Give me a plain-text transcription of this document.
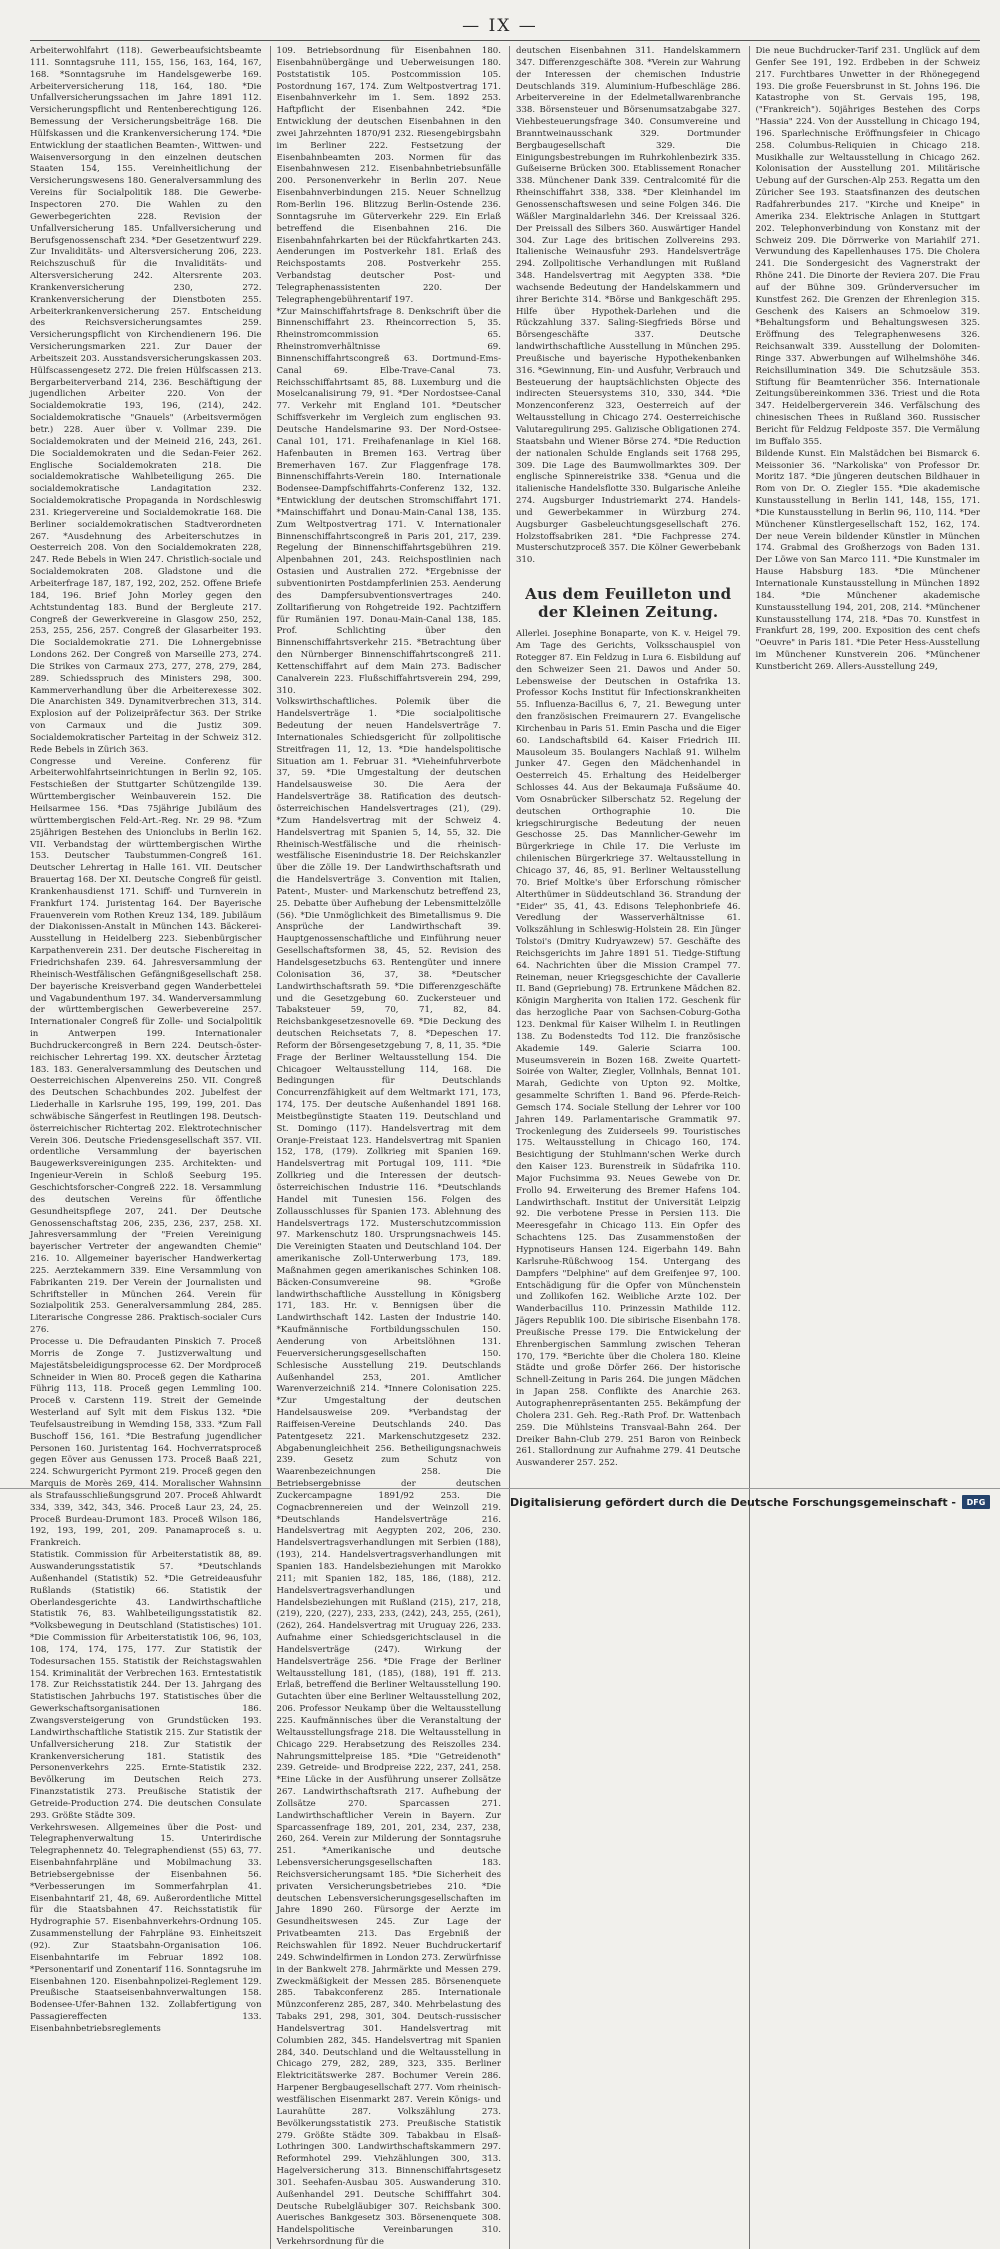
— IX —

Arbeiterwohlfahrt (118). Gewerbeaufsichtsbeamte 111. Sonntagsruhe 111, 155, 156, 163, 164, 167, 168. *Sonntagsruhe im Handelsgewerbe 169. Arbeiterversicherung 118, 164, 180. *Die Unfallversicherungssachen im Jahre 1891 112. Versicherungspflicht und Rentenberechtigung 126. Bemessung der Versicherungsbeiträge 168. Die Hülfskassen und die Krankenversicherung 174. *Die Entwicklung der staatlichen Beamten-, Wittwen- und Waisenversorgung in den einzelnen deutschen Staaten 154, 155. Vereinheitlichung der Versicherungswesens 180. Generalversammlung des Vereins für Socialpolitik 188. Die Gewerbe-Inspectoren 270. Die Wahlen zu den Gewerbegerichten 228. Revision der Unfallversicherung 185. Unfallversicherung und Berufsgenossenschaft 234. *Der Gesetzentwurf 229. Zur Invaliditäts- und Altersversicherung 206, 223. Reichszuschuß für die Invaliditäts- und Altersversicherung 242. Altersrente 203. Krankenversicherung 230, 272. Krankenversicherung der Dienstboten 255. Arbeiterkrankenversicherung 257. Entscheidung des Reichsversicherungsamtes 259. Versicherungspflicht von Kirchendienern 196. Die Versicherungsmarken 221. Zur Dauer der Arbeitszeit 203. Ausstandsversicherungskassen 203. Hülfscassengesetz 272. Die freien Hülfscassen 213. Bergarbeiterverband 214, 236. Beschäftigung der jugendlichen Arbeiter 220. Von der Socialdemokratie 193, 196, (214), 242. Socialdemokratische "Gnauels" (Arbeitsvermögen betr.) 228. Auer über v. Vollmar 239. Die Socialdemokraten und der Meineid 216, 243, 261. Die Socialdemokraten und die Sedan-Feier 262. Englische Socialdemokraten 218. Die socialdemokratische Wahlbeteiligung 265. Die socialdemokratische Landagitation 232. Socialdemokratische Propaganda in Nordschleswig 231. Kriegervereine und Socialdemokratie 168. Die Berliner socialdemokratischen Stadtverordneten 267. *Ausdehnung des Arbeiterschutzes in Oesterreich 208. Von den Socialdemokraten 228, 247. Rede Bebels in Wien 247. Christlich-sociale und Socialdemokraten 208. Gladstone und die Arbeiterfrage 187, 187, 192, 202, 252. Offene Briefe 184, 196. Brief John Morley gegen den Achtstundentag 183. Bund der Bergleute 217. Congreß der Gewerkvereine in Glasgow 250, 252, 253, 255, 256, 257. Congreß der Glasarbeiter 193. Die Socialdemokratie 271. Die Lohnergebnisse Londons 262. Der Congreß von Marseille 273, 274. Die Strikes von Carmaux 273, 277, 278, 279, 284, 289. Schiedsspruch des Ministers 298, 300. Kammerverhandlung über die Arbeiterexesse 302. Die Anarchisten 349. Dynamitverbrechen 313, 314. Explosion auf der Polizeipräfectur 363. Der Strike von Carmaux und die Justiz 309. Socialdemokratischer Parteitag in der Schweiz 312. Rede Bebels in Zürich 363.

Congresse und Vereine. Conferenz für Arbeiterwohlfahrtseinrichtungen in Berlin 92, 105. Festschießen der Stuttgarter Schützengilde 139. Württembergischer Weinbauverein 152. Die Heilsarmee 156. *Das 75jährige Jubiläum des württembergischen Feld-Art.-Reg. Nr. 29 98. *Zum 25jährigen Bestehen des Unionclubs in Berlin 162. VII. Verbandstag der württembergischen Wirthe 153. Deutscher Taubstummen-Congreß 161. Deutscher Lehrertag in Halle 161. VII. Deutscher Brauertag 168. Der XI. Deutsche Congreß für geistl. Krankenhausdienst 171. Schiff- und Turnverein in Frankfurt 174. Juristentag 164. Der Bayerische Frauenverein vom Rothen Kreuz 134, 189. Jubiläum der Diakonissen-Anstalt in München 143. Bäckerei-Ausstellung in Heidelberg 223. Siebenbürgischer Karpathenverein 231. Der deutsche Fischereitag in Friedrichshafen 239. 64. Jahresversammlung der Rheinisch-Westfälischen Gefängnißgesellschaft 258. Der bayerische Kreisverband gegen Wanderbettelei und Vagabundenthum 197. 34. Wanderversammlung der württembergischen Gewerbevereine 257. Internationaler Congreß für Zolle- und Socialpolitik in Antwerpen 199. Internationaler Buchdruckercongreß in Bern 224. Deutsch-öster- reichischer Lehrertag 199. XX. deutscher Ärztetag 183. 183. Generalversammlung des Deutschen und Oesterreichischen Alpenvereins 250. VII. Congreß des Deutschen Schachbundes 202. Jubelfest der Liederhalle in Karlsruhe 195, 199, 199, 201. Das schwäbische Sängerfest in Reutlingen 198. Deutsch-österreichischer Richtertag 202. Elektrotechnischer Verein 306. Deutsche Friedensgesellschaft 357. VII. ordentliche Versammlung der bayerischen Baugewerksvereinigungen 235. Architekten- und Ingenieur-Verein in Schloß Seeburg 195. Geschichtsforscher-Congreß 222. 18. Versammlung des deutschen Vereins für öffentliche Gesundheitspflege 207, 241. Der Deutsche Genossenschaftstag 206, 235, 236, 237, 258. XI. Jahresversammlung der "Freien Vereinigung bayerischer Vertreter der angewandten Chemie" 216. 10. Allgemeiner bayerischer Handwerkertag 225. Aerztekammern 339. Eine Versammlung von Fabrikanten 219. Der Verein der Journalisten und Schriftsteller in München 264. Verein für Sozialpolitik 253. Generalversammlung 284, 285. Literarische Congresse 286. Praktisch-socialer Curs 276.

Processe u. Die Defraudanten Pinskich 7. Proceß Morris de Zonge 7. Justizverwaltung und Majestätsbeleidigungsprocesse 62. Der Mordproceß Schneider in Wien 80. Proceß gegen die Katharina Führig 113, 118. Proceß gegen Lemmling 100. Proceß v. Carstenn 119. Streit der Gemeinde Westerland auf Sylt mit dem Fiskus 132. *Die Teufelsaustreibung in Wemding 158, 333. *Zum Fall Buschoff 156, 161. *Die Bestrafung jugendlicher Personen 160. Juristentag 164. Hochverratsproceß gegen Eöver aus Genussen 173. Proceß Baaß 221, 224. Schwurgericht Pyrmont 219. Proceß gegen den Marquis de Morès 269, 414. Moralischer Wahnsinn als Strafausschließungsgrund 207. Proceß Ahlwardt 334, 339, 342, 343, 346. Proceß Laur 23, 24, 25. Proceß Burdeau-Drumont 183. Proceß Wilson 186, 192, 193, 199, 201, 209. Panamaproceß s. u. Frankreich.

Statistik. Commission für Arbeiterstatistik 88, 89. Auswanderungsstatistik 57. *Deutschlands Außenhandel (Statistik) 52. *Die Getreideausfuhr Rußlands (Statistik) 66. Statistik der Oberlandesgerichte 43. Landwirthschaftliche Statistik 76, 83. Wahlbeteiligungsstatistik 82. *Volksbewegung in Deutschland (Statistisches) 101. *Die Commission für Arbeiterstatistik 106, 96, 103, 108, 174, 174, 175, 177. Zur Statistik der Todesursachen 155. Statistik der Reichstagswahlen 154. Kriminalität der Verbrechen 163. Erntestatistik 178. Zur Reichsstatistik 244. Der 13. Jahrgang des Statistischen Jahrbuchs 197. Statistisches über die Gewerkschaftsorganisationen 186. Zwangsversteigerung von Grundstücken 193. Landwirthschaftliche Statistik 215. Zur Statistik der Unfallversicherung 218. Zur Statistik der Krankenversicherung 181. Statistik des Personenverkehrs 225. Ernte-Statistik 232. Bevölkerung im Deutschen Reich 273. Finanzstatistik 273. Preußische Statistik der Getreide-Production 274. Die deutschen Consulate 293. Größte Städte 309.

Verkehrswesen. Allgemeines über die Post- und Telegraphenverwaltung 15. Unterirdische Telegraphennetz 40. Telegraphendienst (55) 63, 77. Eisenbahnfahrpläne und Mobilmachung 33. Betriebsergebnisse der Eisenbahnen 56. *Verbesserungen im Sommerfahrplan 41. Eisenbahntarif 21, 48, 69. Außerordentliche Mittel für die Staatsbahnen 47. Reichsstatistik für Hydrographie 57. Eisenbahnverkehrs-Ordnung 105. Zusammenstellung der Fahrpläne 93. Einheitszeit (92). Zur Staatsbahn-Organisation 106. Eisenbahntarife im Februar 1892 108. *Personentarif und Zonentarif 116. Sonntagsruhe im Eisenbahnen 120. Eisenbahnpolizei-Reglement 129. Preußische Staatseisenbahnverwaltungen 158. Bodensee-Ufer-Bahnen 132. Zollabfertigung von Passagiereffecten 133. Eisenbahnbetriebsreglements

109. Betriebsordnung für Eisenbahnen 180. Eisenbahnübergänge und Ueberweisungen 180. Poststatistik 105. Postcommission 105. Postordnung 167, 174. Zum Weltpostvertrag 171. Eisenbahnverkehr im 1. Sem. 1892 253. Haftpflicht der Eisenbahnen 242. *Die Entwicklung der deutschen Eisenbahnen in den zwei Jahrzehnten 1870/91 232. Riesengebirgsbahn im Berliner 222. Festsetzung der Eisenbahnbeamten 203. Normen für das Eisenbahnwesen 212. Eisenbahnbetriebsunfälle 200. Personenverkehr in Berlin 207. Neue Eisenbahnverbindungen 215. Neuer Schnellzug Rom-Berlin 196. Blitzzug Berlin-Ostende 236. Sonntagsruhe im Güterverkehr 229. Ein Erlaß betreffend die Eisenbahnen 216. Die Eisenbahnfahrkarten bei der Rückfahrtkarten 243. Aenderungen im Postverkehr 181. Erlaß des Reichspostamts 208. Postverkehr 255. Verbandstag deutscher Post- und Telegraphenassistenten 220. Der Telegraphengebührentarif 197.

*Zur Mainschiffahrtsfrage 8. Denkschrift über die Binnenschiffahrt 23. Rheincorrection 5, 35. Rheinstromcommission 65. Rheinstromverhältnisse 69. Binnenschiffahrtscongreß 63. Dortmund-Ems-Canal 69. Elbe-Trave-Canal 73. Reichsschiffahrtsamt 85, 88. Luxemburg und die Moselcanalisirung 79, 91. *Der Nordostsee-Canal 77. Verkehr mit England 101. *Deutscher Schiffsverkehr im Vergleich zum englischen 93. Deutsche Handelsmarine 93. Der Nord-Ostsee-Canal 101, 171. Freihafenanlage in Kiel 168. Hafenbauten in Bremen 163. Vertrag über Bremerhaven 167. Zur Flaggenfrage 178. Binnenschiffahrts-Verein 180. Internationale Bodensee-Dampfschiffahrts-Conferenz 132, 132. *Entwicklung der deutschen Stromschiffahrt 171. *Mainschiffahrt und Donau-Main-Canal 138, 135. Zum Weltpostvertrag 171. V. Internationaler Binnenschiffahrtscongreß in Paris 201, 217, 239. Regelung der Binnenschiffahrtsgebühren 219. Alpenbahnen 201, 243. Reichspostlinien nach Ostasien und Australien 272. *Ergebnisse der subventionirten Postdampferlinien 253. Aenderung des Dampfersubventionsvertrages 240. Zolltarifierung von Rohgetreide 192. Pachtziffern für Rumänien 197. Donau-Main-Canal 138, 185. Prof. Schlichting über den Binnenschiffahrtsverkehr 215. *Betrachtung über den Nürnberger Binnenschiffahrtscongreß 211. Kettenschiffahrt auf dem Main 273. Badischer Canalverein 223. Flußschiffahrtsverein 294, 299, 310.

Volkswirthschaftliches. Polemik über die Handelsverträge 1. *Die socialpolitische Bedeutung der neuen Handelsverträge 7. Internationales Schiedsgericht für zollpolitische Streitfragen 11, 12, 13. *Die handelspolitische Situation am 1. Februar 31. *Vieheinfuhrverbote 37, 59. *Die Umgestaltung der deutschen Handelsausweise 30. Die Aera der Handelsverträge 38. Ratification des deutsch-österreichischen Handelsvertrages (21), (29). *Zum Handelsvertrag mit der Schweiz 4. Handelsvertrag mit Spanien 5, 14, 55, 32. Die Rheinisch-Westfälische und die rheinisch-westfälische Eisenindustrie 18. Der Reichskanzler über die Zölle 19. Der Landwirthschaftsrath und die Handelsverträge 3. Convention mit Italien, Patent-, Muster- und Markenschutz betreffend 23, 25. Debatte über Aufhebung der Lebensmittelzölle (56). *Die Unmöglichkeit des Bimetallismus 9. Die Ansprüche der Landwirthschaft 39. Hauptgenossenschaftliche und Einführung neuer Gesellschaftsformen 38, 45, 52. Revision des Handelsgesetzbuchs 63. Rentengüter und innere Colonisation 36, 37, 38. *Deutscher Landwirthschaftsrath 59. *Die Differenzgeschäfte und die Gesetzgebung 60. Zuckersteuer und Tabaksteuer 59, 70, 71, 82, 84. Reichsbankgesetzesnovelle 69. *Die Deckung des deutschen Reichsetats 7, 8. *Depeschen 17. Reform der Börsengesetzgebung 7, 8, 11, 35. *Die Frage der Berliner Weltausstellung 154. Die Chicagoer Weltausstellung 114, 168. Die Bedingungen für Deutschlands Concurrenzfähigkeit auf dem Weltmarkt 171, 173, 174, 175. Der deutsche Außenhandel 1891 168. Meistbegünstigte Staaten 119. Deutschland und St. Domingo (117). Handelsvertrag mit dem Oranje-Freistaat 123. Handelsvertrag mit Spanien 152, 178, (179). Zollkrieg mit Spanien 169. Handelsvertrag mit Portugal 109, 111. *Die Zollkrieg und die Interessen der deutsch-österreichischen Industrie 116. *Deutschlands Handel mit Tunesien 156. Folgen des Zollausschlusses für Spanien 173. Ablehnung des Handelsvertrags 172. Musterschutzcommission 97. Markenschutz 180. Ursprungsnachweis 145. Die Vereinigten Staaten und Deutschland 104. Der amerikanische Zoll-Unterwerbung 173, 189. Maßnahmen gegen amerikanisches Schinken 108. Bäcken-Consumvereine 98. *Große landwirthschaftliche Ausstellung in Königsberg 171, 183. Hr. v. Bennigsen über die Landwirthschaft 142. Lasten der Industrie 140. *Kaufmännische Fortbildungsschulen 150. Aenderung von Arbeitslöhnen 131. Feuerversicherungsgesellschaften 150. Schlesische Ausstellung 219. Deutschlands Außenhandel 253, 201. Amtlicher Warenverzeichniß 214. *Innere Colonisation 225. *Zur Umgestaltung der deutschen Handelsausweise 209. *Verbandstag der Raiffeisen-Vereine Deutschlands 240. Das Patentgesetz 221. Markenschutzgesetz 232. Abgabenungleichheit 256. Betheiligungsnachweis 239. Gesetz zum Schutz von Waarenbezeichnungen 258. Die Betriebsergebnisse der deutschen Zuckercampagne 1891/92 253. Die Cognacbrennereien und der Weinzoll 219. *Deutschlands Handelsverträge 216. Handelsvertrag mit Aegypten 202, 206, 230. Handelsvertragsverhandlungen mit Serbien (188), (193), 214. Handelsvertragsverhandlungen mit Spanien 183. Handelsbeziehungen mit Marokko 211; mit Spanien 182, 185, 186, (188), 212. Handelsvertragsverhandlungen und Handelsbeziehungen mit Rußland (215), 217, 218, (219), 220, (227), 233, 233, (242), 243, 255, (261), (262), 264. Handelsvertrag mit Uruguay 226, 233. Aufnahme einer Schiedsgerichtsclausel in die Handelsverträge (247). Wirkung der Handelsverträge 256. *Die Frage der Berliner Weltausstellung 181, (185), (188), 191 ff. 213. Erlaß, betreffend die Berliner Weltausstellung 190. Gutachten über eine Berliner Weltausstellung 202, 206. Professor Neukamp über die Weltausstellung 225. Kaufmännisches über die Veranstaltung der Weltausstellungsfrage 218. Die Weltausstellung in Chicago 229. Herabsetzung des Reiszolles 234. Nahrungsmittelpreise 185. *Die "Getreidenoth" 239. Getreide- und Brodpreise 222, 237, 241, 258. *Eine Lücke in der Ausführung unserer Zollsätze 267. Landwirthschaftsrath 217. Aufhebung der Zollsätze 270. Sparcassen 271. Landwirthschaftlicher Verein in Bayern. Zur Sparcassenfrage 189, 201, 201, 234, 237, 238, 260, 264. Verein zur Milderung der Sonntagsruhe 251. *Amerikanische und deutsche Lebensversicherungsgesellschaften 183. Reichsversicherungsamt 185. *Die Sicherheit des privaten Versicherungsbetriebes 210. *Die deutschen Lebensversicherungsgesellschaften im Jahre 1890 260. Fürsorge der Aerzte im Gesundheitswesen 245. Zur Lage der Privatbeamten 213. Das Ergebniß der Reichswahlen für 1892. Neuer Buchdruckertarif 249. Schwindelfirmen in London 273. Zerwürfnisse in der Bankwelt 278. Jahrmärkte und Messen 279. Zweckmäßigkeit der Messen 285. Börsenenquete 285. Tabakconferenz 285. Internationale Münzconferenz 285, 287, 340. Mehrbelastung des Tabaks 291, 298, 301, 304. Deutsch-russischer Handelsvertrag 301. Handelsvertrag mit Columbien 282, 345. Handelsvertrag mit Spanien 284, 340. Deutschland und die Weltausstellung in Chicago 279, 282, 289, 323, 335. Berliner Elektricitätswerke 287. Bochumer Verein 286. Harpener Bergbaugesellschaft 277. Vom rheinisch-westfälischen Eisenmarkt 287. Verein Königs- und Laurahütte 287. Volkszählung 273. Bevölkerungsstatistik 273. Preußische Statistik 279. Größte Städte 309. Tabakbau in Elsaß-Lothringen 300. Landwirthschaftskammern 297. Reformhotel 299. Viehzählungen 300, 313. Hagelversicherung 313. Binnenschiffahrtsgesetz 301. Seehafen-Ausbau 305. Auswanderung 310. Außenhandel 291. Deutsche Schifffahrt 304. Deutsche Rubelgläubiger 307. Reichsbank 300. Auerisches Bankgesetz 303. Börsenenquete 308. Handelspolitische Vereinbarungen 310. Verkehrsordnung für die

deutschen Eisenbahnen 311. Handelskammern 347. Differenzgeschäfte 308. *Verein zur Wahrung der Interessen der chemischen Industrie Deutschlands 319. Aluminium-Hufbeschläge 286. Arbeitervereine in der Edelmetallwarenbranche 338. Börsensteuer und Börsenumsatzabgabe 327. Viehbesteuerungsfrage 340. Consumvereine und Branntweinausschank 329. Dortmunder Bergbaugesellschaft 329. Die Einigungsbestrebungen im Ruhrkohlenbezirk 335. Gußeiserne Brücken 300. Etablissement Ronacher 338. Münchener Dank 339. Centralcomité für die Rheinschiffahrt 338, 338. *Der Kleinhandel im Genossenschaftswesen und seine Folgen 346. Die Wäßler Marginaldarlehn 346. Der Kreissaal 326. Der Preissall des Silbers 360. Auswärtiger Handel 304. Zur Lage des britischen Zollvereins 293. Italienische Weinausfuhr 293. Handelsverträge 294. Zollpolitische Verhandlungen mit Rußland 348. Handelsvertrag mit Aegypten 338. *Die wachsende Bedeutung der Handelskammern und ihrer Berichte 314. *Börse und Bankgeschäft 295. Hilfe über Hypothek-Darlehen und die Rückzahlung 337. Saling-Siegfrieds Börse und Börsengeschäfte 337. Deutsche landwirthschaftliche Ausstellung in München 295. Preußische und bayerische Hypothekenbanken 316. *Gewinnung, Ein- und Ausfuhr, Verbrauch und Besteuerung der hauptsächlichsten Objecte des indirecten Steuersystems 310, 330, 344. *Die Monzenconferenz 323, Oesterreich auf der Weltausstellung in Chicago 274. Oesterreichische Valutaregulirung 295. Galizische Obligationen 274. Staatsbahn und Wiener Börse 274. *Die Reduction der nationalen Schulde Englands seit 1768 295, 309. Die Lage des Baumwollmarktes 309. Der englische Spinnereistrike 338. *Genua und die italienische Handelsflotte 330. Bulgarische Anleihe 274. Augsburger Industriemarkt 274. Handels- und Gewerbekammer in Würzburg 274. Augsburger Gasbeleuchtungsgesellschaft 276. Holzstoffsabriken 281. *Die Fachpresse 274. Musterschutzproceß 357. Die Kölner Gewerbebank 310.

Aus dem Feuilleton und der Kleinen Zeitung.

Allerlei. Josephine Bonaparte, von K. v. Heigel 79. Am Tage des Gerichts, Volksschauspiel von Rotegger 87. Ein Feldzug in Lura 6. Eisbildung auf den Schweizer Seen 21. Dawos und Ander 50. Lebensweise der Deutschen in Ostafrika 13. Professor Kochs Institut für Infectionskrankheiten 55. Influenza-Bacillus 6, 7, 21. Bewegung unter den französischen Freimaurern 27. Evangelische Kirchenbau in Paris 51. Emin Pascha und die Eiger 60. Landschaftsbild 64. Kaiser Friedrich III. Mausoleum 35. Boulangers Nachlaß 91. Wilhelm Junker 47. Gegen den Mädchenhandel in Oesterreich 45. Erhaltung des Heidelberger Schlosses 44. Aus der Bekaumaja Fußsäume 40. Vom Osnabrücker Silberschatz 52. Regelung der deutschen Orthographie 10. Die kriegschirurgische Bedeutung der neuen Geschosse 25. Das Mannlicher-Gewehr im Bürgerkriege in Chile 17. Die Verluste im chilenischen Bürgerkriege 37. Weltausstellung in Chicago 37, 46, 85, 91. Berliner Weltausstellung 70. Brief Moltke's über Erforschung römischer Alterthümer in Süddeutschland 36. Strandung der "Eider" 35, 41, 43. Edisons Telephonbriefe 46. Veredlung der Wasserverhältnisse 61. Volkszählung in Schleswig-Holstein 28. Ein Jünger Tolstoi's (Dmitry Kudryawzew) 57. Geschäfte des Reichsgerichts im Jahre 1891 51. Tiedge-Stiftung 64. Nachrichten über die Mission Crampel 77. Reineman, neuer Kriegsgeschichte der Cavallerie II. Band (Gepriebung) 78. Ertrunkene Mädchen 82. Königin Margherita von Italien 172. Geschenk für das herzogliche Paar von Sachsen-Coburg-Gotha 123. Denkmal für Kaiser Wilhelm I. in Reutlingen 138. Zu Bodenstedts Tod 112. Die französische Akademie 149. Galerie Sciarra 100. Museumsverein in Bozen 168. Zweite Quartett-Soirée von Walter, Ziegler, Vollnhals, Bennat 101. Marah, Gedichte von Upton 92. Moltke, gesammelte Schriften 1. Band 96. Pferde-Reich-Gemsch 174. Sociale Stellung der Lehrer vor 100 Jahren 149. Parlamentarische Grammatik 97. Trockenlegung des Zuiderseels 99. Touristisches 175. Weltausstellung in Chicago 160, 174. Besichtigung der Stuhlmann'schen Werke durch den Kaiser 123. Burenstreik in Südafrika 110. Major Fuchsimma 93. Neues Gewebe von Dr. Frollo 94. Erweiterung des Bremer Hafens 104. Landwirthschaft. Institut der Universität Leipzig 92. Die verbotene Presse in Persien 113. Die Meeresgefahr in Chicago 113. Ein Opfer des Schachtens 125. Das Zusammenstoßen der Hypnotiseurs Hansen 124. Eigerbahn 149. Bahn Karlsruhe-Rüßchwoog 154. Untergang des Dampfers "Delphine" auf dem Greifenjee 97, 100. Entschädigung für die Opfer von Münchenstein und Zollikofen 162. Weibliche Arzte 102. Der Wanderbacillus 110. Prinzessin Mathilde 112. Jägers Republik 100. Die sibirische Eisenbahn 178. Preußische Presse 179. Die Entwickelung der Ehrenbergischen Sammlung zwischen Teheran 170, 179. *Berichte über die Cholera 180. Kleine Städte und große Dörfer 266. Der historische Schnell-Zeitung in Paris 264. Die jungen Mädchen in Japan 258. Conflikte des Anarchie 263. Autographenrepräsentanten 255. Bekämpfung der Cholera 231. Geh. Reg.-Rath Prof. Dr. Wattenbach 259. Die Mühlsteins Transvaal-Bahn 264. Der Dreiker Bahn-Club 279. 251 Baron von Reinbeck 261. Stallordnung zur Aufnahme 279. 41 Deutsche Auswanderer 257. 252.

Die neue Buchdrucker-Tarif 231. Unglück auf dem Genfer See 191, 192. Erdbeben in der Schweiz 217. Furchtbares Unwetter in der Rhönegegend 193. Die große Feuersbrunst in St. Johns 196. Die Katastrophe von St. Gervais 195, 198, ("Frankreich"). 50jähriges Bestehen des Corps "Hassia" 224. Von der Ausstellung in Chicago 194, 196. Sparlechnische Eröffnungsfeier in Chicago 258. Columbus-Reliquien in Chicago 218. Musikhalle zur Weltausstellung in Chicago 262. Kolonisation der Ausstellung 201. Militärische Uebung auf der Gurschen-Alp 253. Regatta um den Züricher See 193. Staatsfinanzen des deutschen Radfahrerbundes 217. "Kirche und Kneipe" in Amerika 234. Elektrische Anlagen in Stuttgart 202. Telephonverbindung von Konstanz mit der Schweiz 209. Die Dörrwerke von Mariahilf 271. Verwundung des Kapellenhauses 175. Die Cholera 241. Die Sondergesicht des Vagnerstrakt der Rhöne 241. Die Dinorte der Reviera 207. Die Frau auf der Bühne 309. Gründerversucher im Kunstfest 262. Die Grenzen der Ehrenlegion 315. Geschenk des Kaisers an Schmoelow 319. *Behaltungsform und Behaltungswesen 325. Eröffnung des Telegraphenwesens 326. Reichsanwalt 339. Ausstellung der Dolomiten-Ringe 337. Abwerbungen auf Wilhelmshöhe 346. Reichsillumination 349. Die Schutzsäule 353. Stiftung für Beamtenrücher 356. Internationale Zeitungsübereinkommen 336. Triest und die Rota 347. Heidelbergerverein 346. Verfälschung des chinesischen Thees in Rußland 360. Russischer Bericht für Feldzug Feldposte 357. Die Vermälung im Buffalo 355.

Bildende Kunst. Ein Malstädchen bei Bismarck 6. Meissonier 36. "Narkoliska" von Professor Dr. Moritz 187. *Die jüngeren deutschen Bildhauer in Rom von Dr. O. Ziegler 155. *Die akademische Kunstausstellung in Berlin 141, 148, 155, 171. *Die Kunstausstellung in Berlin 96, 110, 114. *Der Münchener Künstlergesellschaft 152, 162, 174. Der neue Verein bildender Künstler in München 174. Grabmal des Großherzogs von Baden 131. Der Löwe von San Marco 111. *Die Kunstmaler im Hause Habsburg 183. *Die Münchener Internationale Kunstausstellung in München 1892 184. *Die Münchener akademische Kunstausstellung 194, 201, 208, 214. *Münchener Kunstausstellung 174, 218. *Das 70. Kunstfest in Frankfurt 28, 199, 200. Exposition des cent chefs "Oeuvre" in Paris 181. *Die Peter Hess-Ausstellung im Münchener Kunstverein 206. *Münchener Kunstbericht 269. Allers-Ausstellung 249,

Digitalisierung gefördert durch die Deutsche Forschungsgemeinschaft -	DFG
